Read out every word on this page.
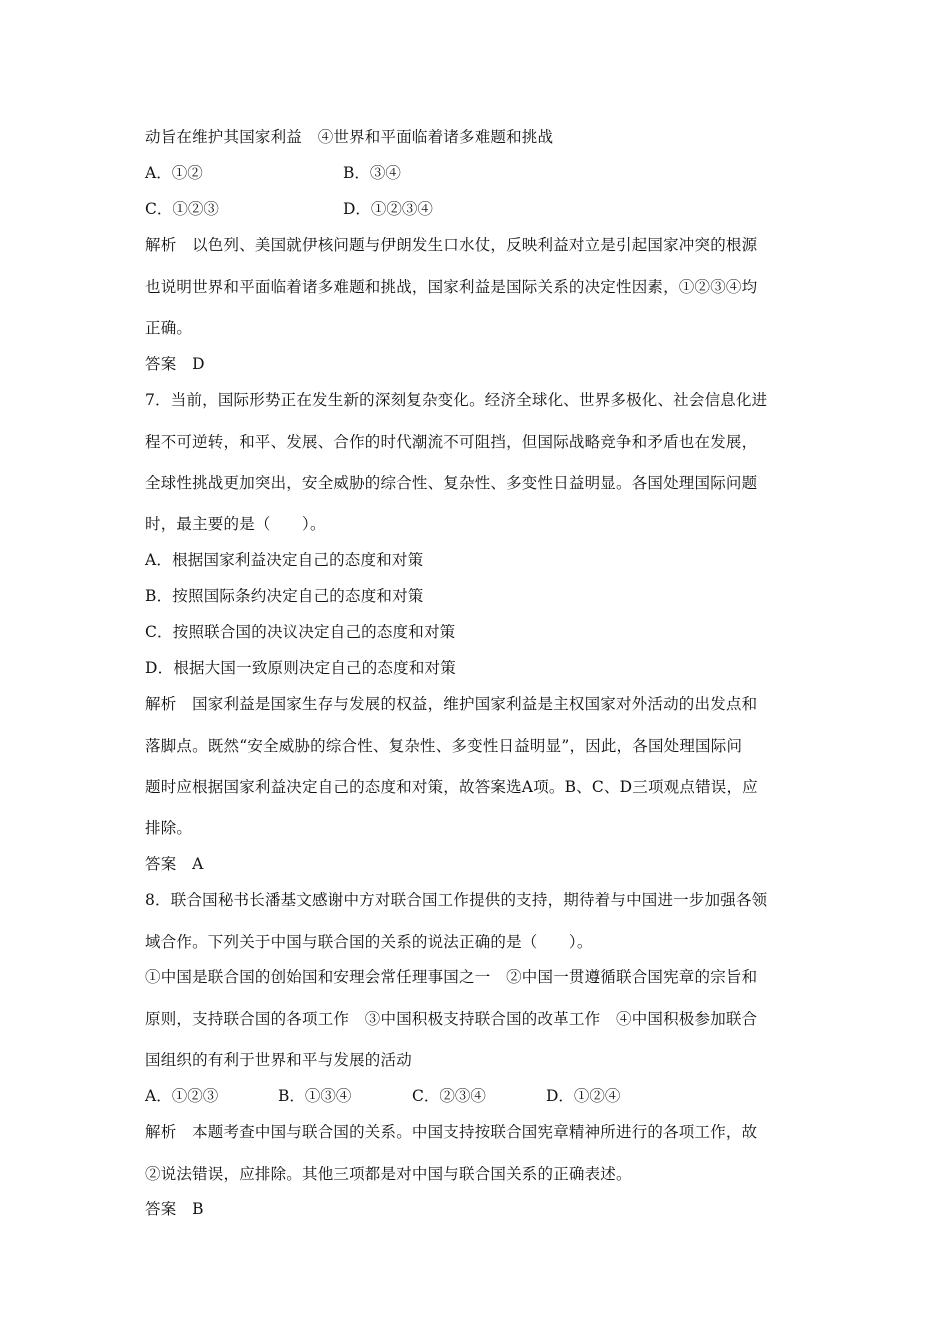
动旨在维护其国家利益　④世界和平面临着诸多难题和挑战
A．①②	B．③④
C．①②③	D．①②③④
解析　以色列、美国就伊核问题与伊朗发生口水仗，反映利益对立是引起国家冲突的根源
也说明世界和平面临着诸多难题和挑战，国家利益是国际关系的决定性因素，①②③④均
正确。
答案　D
7．当前，国际形势正在发生新的深刻复杂变化。经济全球化、世界多极化、社会信息化进
程不可逆转，和平、发展、合作的时代潮流不可阻挡，但国际战略竞争和矛盾也在发展，
全球性挑战更加突出，安全威胁的综合性、复杂性、多变性日益明显。各国处理国际问题
时，最主要的是（　　）。
A．根据国家利益决定自己的态度和对策
B．按照国际条约决定自己的态度和对策
C．按照联合国的决议决定自己的态度和对策
D．根据大国一致原则决定自己的态度和对策
解析　国家利益是国家生存与发展的权益，维护国家利益是主权国家对外活动的出发点和
落脚点。既然“安全威胁的综合性、复杂性、多变性日益明显”，因此，各国处理国际问
题时应根据国家利益决定自己的态度和对策，故答案选A项。B、C、D三项观点错误，应
排除。
答案　A
8．联合国秘书长潘基文感谢中方对联合国工作提供的支持，期待着与中国进一步加强各领
域合作。下列关于中国与联合国的关系的说法正确的是（　　）。
①中国是联合国的创始国和安理会常任理事国之一　②中国一贯遵循联合国宪章的宗旨和
原则，支持联合国的各项工作　③中国积极支持联合国的改革工作　④中国积极参加联合
国组织的有利于世界和平与发展的活动
A．①②③	B．①③④	C．②③④	D．①②④
解析　本题考查中国与联合国的关系。中国支持按联合国宪章精神所进行的各项工作，故
②说法错误，应排除。其他三项都是对中国与联合国关系的正确表述。
答案　B
